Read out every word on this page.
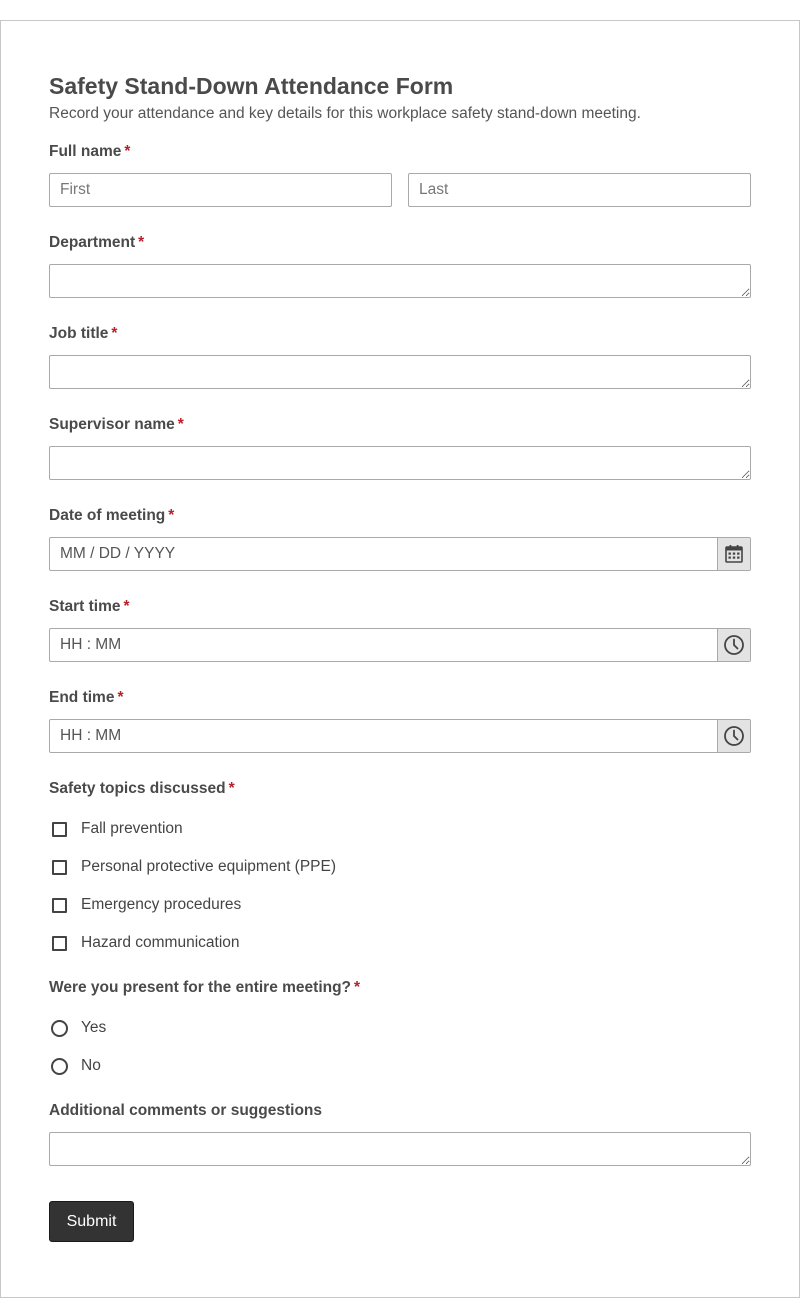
Safety Stand-Down Attendance Form
Record your attendance and key details for this workplace safety stand-down meeting.
Full name *
First
Last
Department *
Job title *
Supervisor name *
Date of meeting *
MM / DD / YYYY
Start time *
HH : MM
End time *
HH : MM
Safety topics discussed *
Fall prevention
Personal protective equipment (PPE)
Emergency procedures
Hazard communication
Were you present for the entire meeting? *
Yes
No
Additional comments or suggestions
Submit
